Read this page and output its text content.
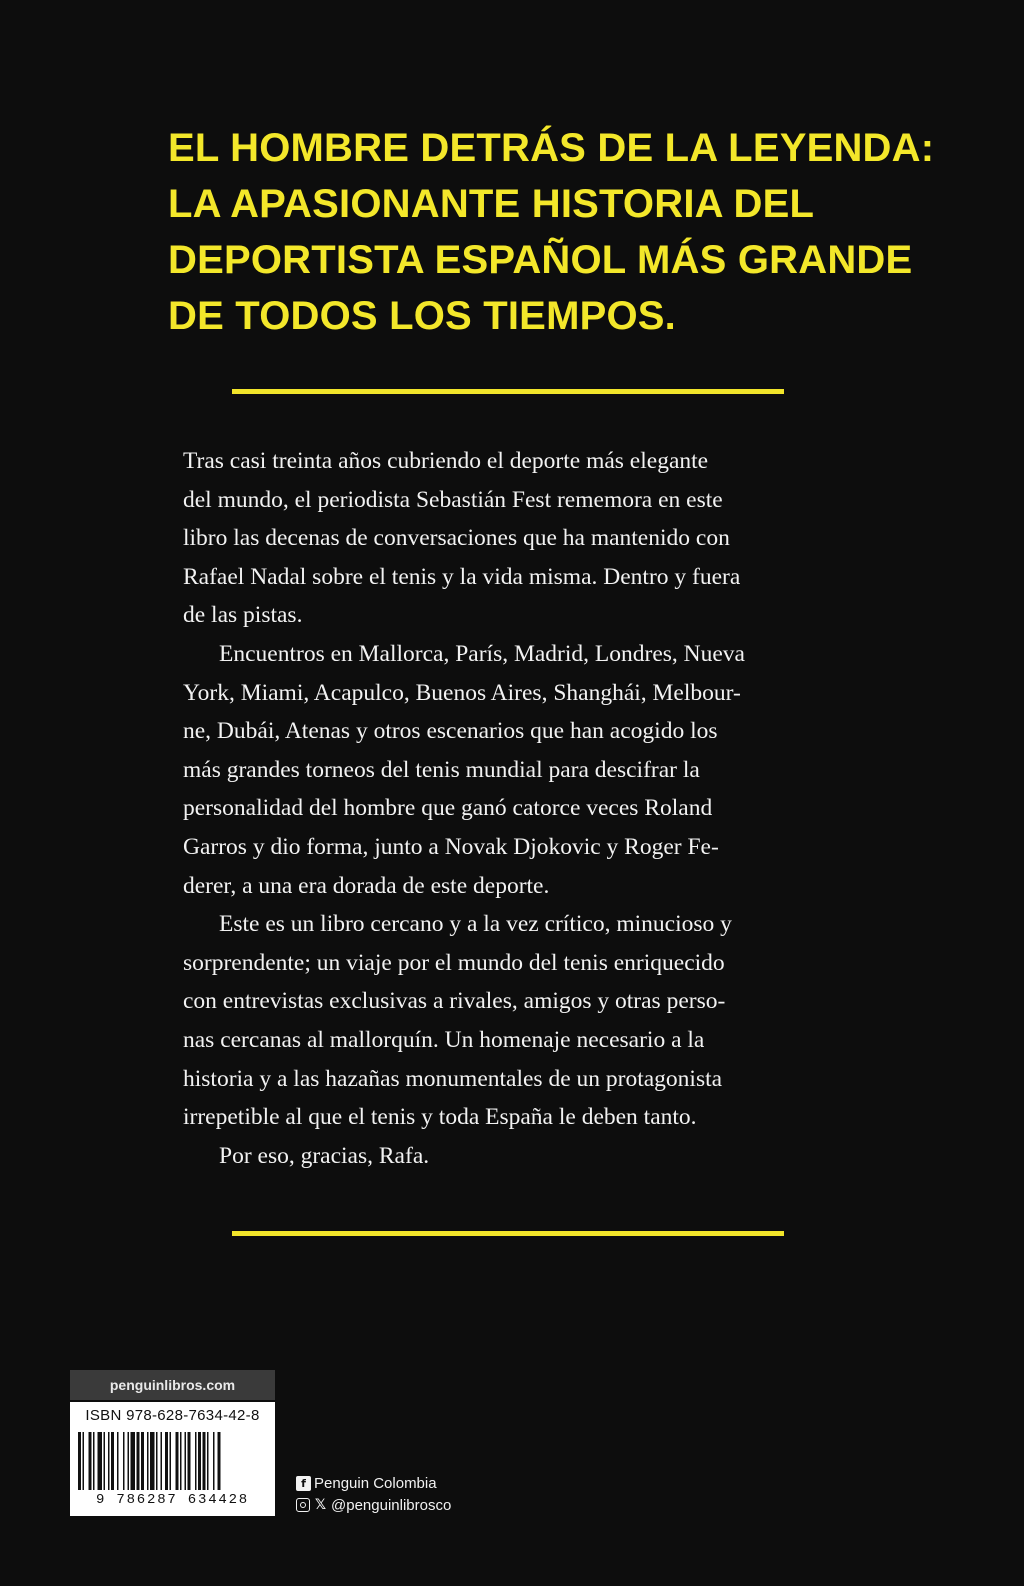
EL HOMBRE DETRÁS DE LA LEYENDA:
LA APASIONANTE HISTORIA DEL
DEPORTISTA ESPAÑOL MÁS GRANDE
DE TODOS LOS TIEMPOS.

Tras casi treinta años cubriendo el deporte más elegante
del mundo, el periodista Sebastián Fest rememora en este
libro las decenas de conversaciones que ha mantenido con
Rafael Nadal sobre el tenis y la vida misma. Dentro y fuera
de las pistas.

Encuentros en Mallorca, París, Madrid, Londres, Nueva
York, Miami, Acapulco, Buenos Aires, Shanghái, Melbour-
ne, Dubái, Atenas y otros escenarios que han acogido los
más grandes torneos del tenis mundial para descifrar la
personalidad del hombre que ganó catorce veces Roland
Garros y dio forma, junto a Novak Djokovic y Roger Fe-
derer, a una era dorada de este deporte.

Este es un libro cercano y a la vez crítico, minucioso y
sorprendente; un viaje por el mundo del tenis enriquecido
con entrevistas exclusivas a rivales, amigos y otras perso-
nas cercanas al mallorquín. Un homenaje necesario a la
historia y a las hazañas monumentales de un protagonista
irrepetible al que el tenis y toda España le deben tanto.

Por eso, gracias, Rafa.

penguinlibros.com
ISBN 978-628-7634-42-8
9 786287 634428
f Penguin Colombia
𝕏 @penguinlibrosco
